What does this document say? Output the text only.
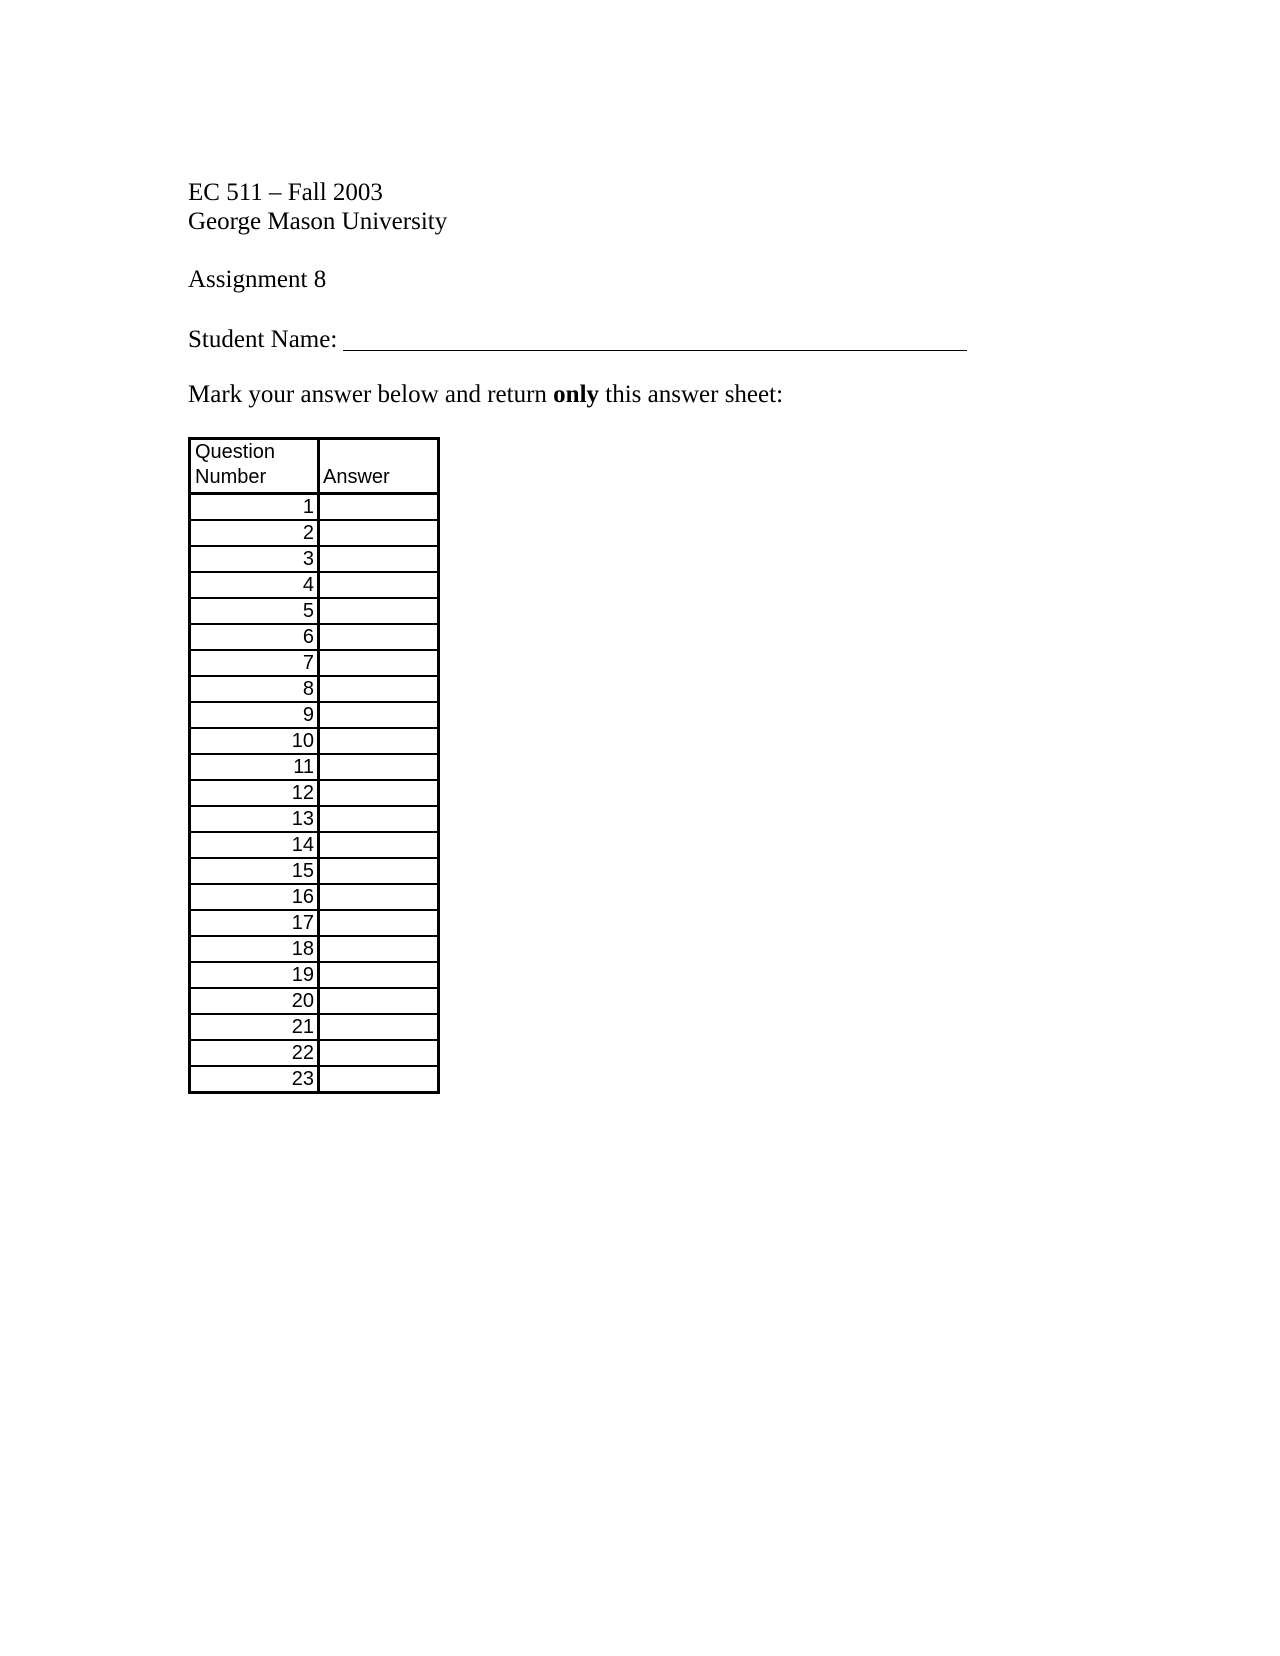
EC 511 – Fall 2003
George Mason University
Assignment 8
Student Name:
Mark your answer below and return only this answer sheet:
Question
Number	Answer
1	
2	
3	
4	
5	
6	
7	
8	
9	
10	
11	
12	
13	
14	
15	
16	
17	
18	
19	
20	
21	
22	
23	
